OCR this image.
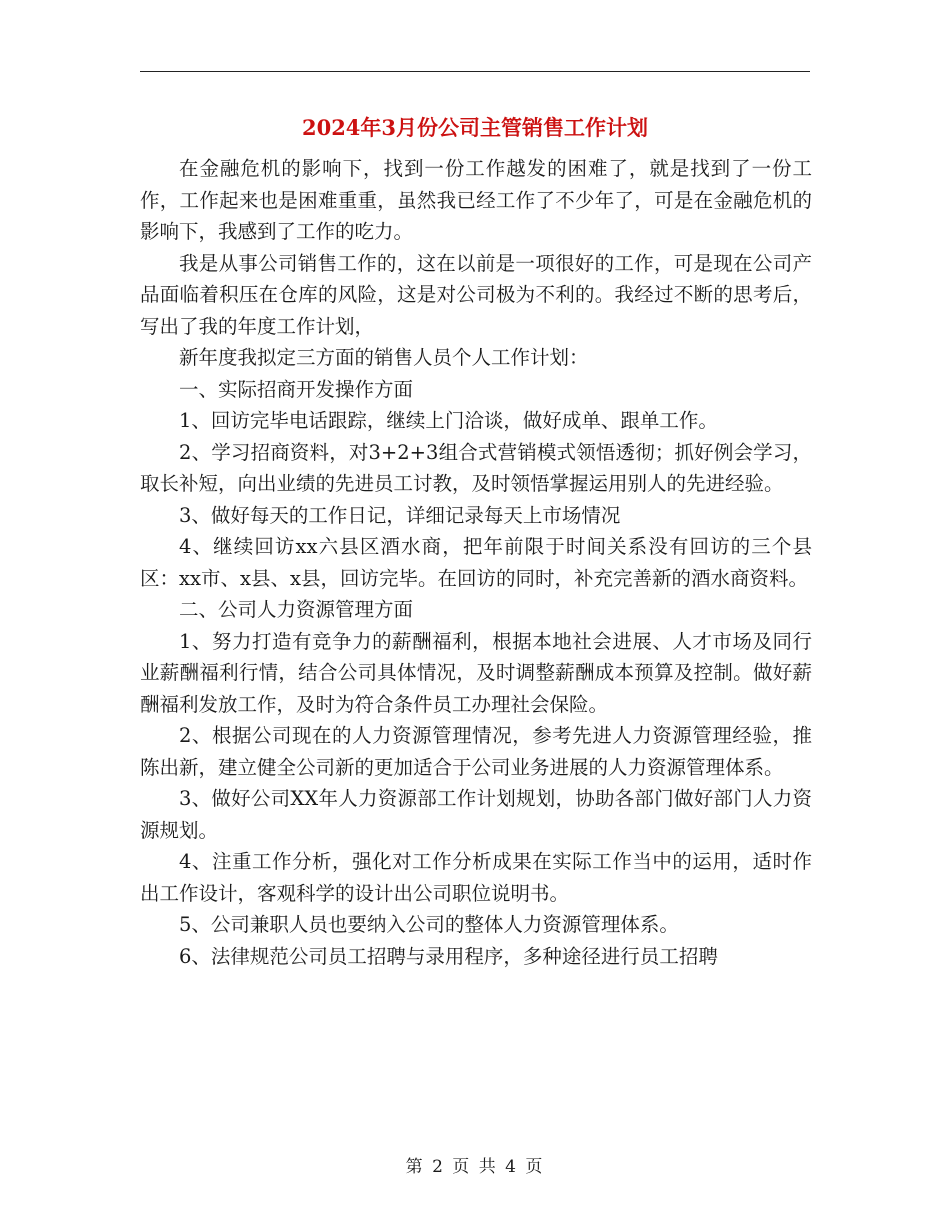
2024年3月份公司主管销售工作计划

在金融危机的影响下，找到一份工作越发的困难了，就是找到了一份工作，工作起来也是困难重重，虽然我已经工作了不少年了，可是在金融危机的影响下，我感到了工作的吃力。

我是从事公司销售工作的，这在以前是一项很好的工作，可是现在公司产品面临着积压在仓库的风险，这是对公司极为不利的。我经过不断的思考后，写出了我的年度工作计划，

新年度我拟定三方面的销售人员个人工作计划：

一、实际招商开发操作方面

1、回访完毕电话跟踪，继续上门洽谈，做好成单、跟单工作。

2、学习招商资料，对3+2+3组合式营销模式领悟透彻；抓好例会学习，取长补短，向出业绩的先进员工讨教，及时领悟掌握运用别人的先进经验。

3、做好每天的工作日记，详细记录每天上市场情况

4、继续回访xx六县区酒水商，把年前限于时间关系没有回访的三个县区：xx市、x县、x县，回访完毕。在回访的同时，补充完善新的酒水商资料。

二、公司人力资源管理方面

1、努力打造有竞争力的薪酬福利，根据本地社会进展、人才市场及同行业薪酬福利行情，结合公司具体情况，及时调整薪酬成本预算及控制。做好薪酬福利发放工作，及时为符合条件员工办理社会保险。

2、根据公司现在的人力资源管理情况，参考先进人力资源管理经验，推陈出新，建立健全公司新的更加适合于公司业务进展的人力资源管理体系。

3、做好公司XX年人力资源部工作计划规划，协助各部门做好部门人力资源规划。

4、注重工作分析，强化对工作分析成果在实际工作当中的运用，适时作出工作设计，客观科学的设计出公司职位说明书。

5、公司兼职人员也要纳入公司的整体人力资源管理体系。

6、法律规范公司员工招聘与录用程序，多种途径进行员工招聘

第 2 页 共 4 页
